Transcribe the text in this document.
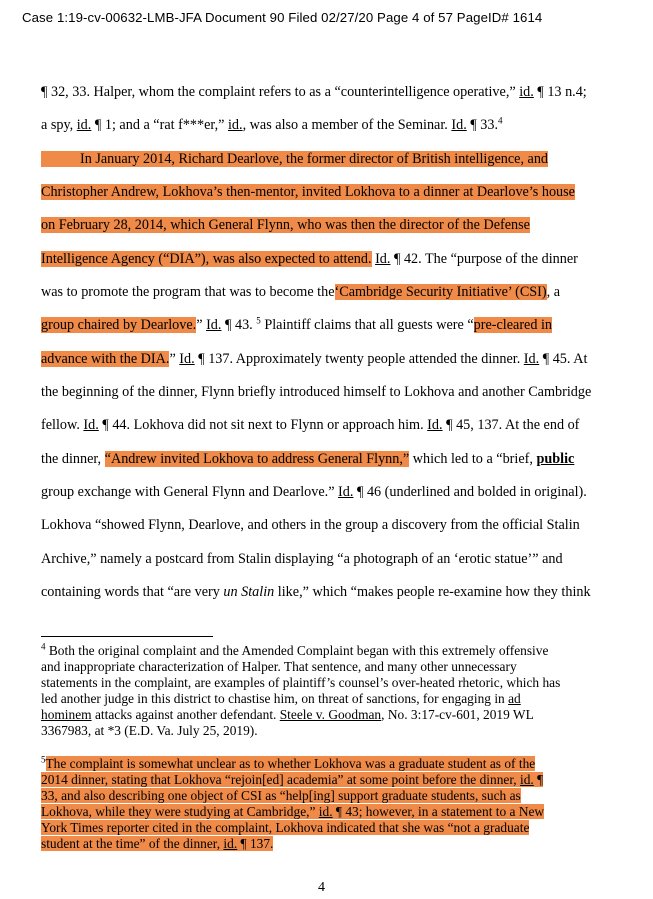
Case 1:19-cv-00632-LMB-JFA Document 90 Filed 02/27/20 Page 4 of 57 PageID# 1614
¶ 32, 33. Halper, whom the complaint refers to as a “counterintelligence operative,” id. ¶ 13 n.4;
a spy, id. ¶ 1; and a “rat f***er,” id., was also a member of the Seminar. Id. ¶ 33.$^4$
In January 2014, Richard Dearlove, the former director of British intelligence, and
Christopher Andrew, Lokhova’s then-mentor, invited Lokhova to a dinner at Dearlove’s house
on February 28, 2014, which General Flynn, who was then the director of the Defense
Intelligence Agency (“DIA”), was also expected to attend. Id. ¶ 42. The “purpose of the dinner
was to promote the program that was to become the‘Cambridge Security Initiative’ (CSI), a
group chaired by Dearlove.” Id. ¶ 43. $^5$ Plaintiff claims that all guests were “pre-cleared in
advance with the DIA.” Id. ¶ 137. Approximately twenty people attended the dinner. Id. ¶ 45. At
the beginning of the dinner, Flynn briefly introduced himself to Lokhova and another Cambridge
fellow. Id. ¶ 44. Lokhova did not sit next to Flynn or approach him. Id. ¶ 45, 137. At the end of
the dinner, “Andrew invited Lokhova to address General Flynn,” which led to a “brief, public
group exchange with General Flynn and Dearlove.” Id. ¶ 46 (underlined and bolded in original).
Lokhova “showed Flynn, Dearlove, and others in the group a discovery from the official Stalin
Archive,” namely a postcard from Stalin displaying “a photograph of an ‘erotic statue’” and
containing words that “are very un Stalin like,” which “makes people re-examine how they think
$^4$ Both the original complaint and the Amended Complaint began with this extremely offensive
and inappropriate characterization of Halper. That sentence, and many other unnecessary
statements in the complaint, are examples of plaintiff’s counsel’s over-heated rhetoric, which has
led another judge in this district to chastise him, on threat of sanctions, for engaging in ad
hominem attacks against another defendant. Steele v. Goodman, No. 3:17-cv-601, 2019 WL
3367983, at *3 (E.D. Va. July 25, 2019).
$^5$The complaint is somewhat unclear as to whether Lokhova was a graduate student as of the
2014 dinner, stating that Lokhova “rejoin[ed] academia” at some point before the dinner, id. ¶
33, and also describing one object of CSI as “help[ing] support graduate students, such as
Lokhova, while they were studying at Cambridge,” id. ¶ 43; however, in a statement to a New
York Times reporter cited in the complaint, Lokhova indicated that she was “not a graduate
student at the time” of the dinner, id. ¶ 137.
4
